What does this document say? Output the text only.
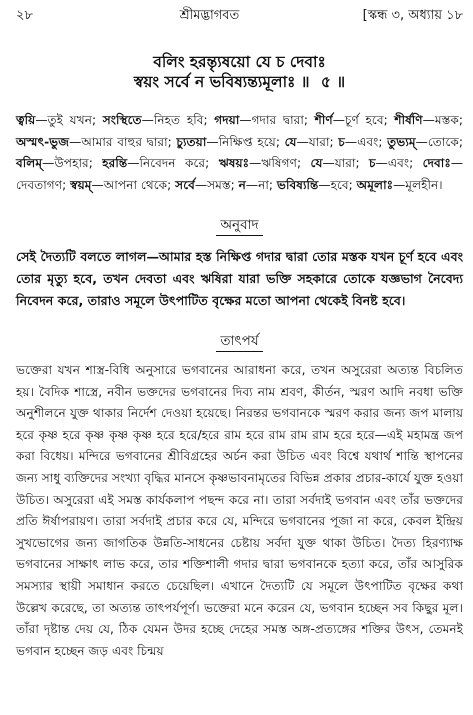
২৮	শ্রীমদ্ভাগবত	[স্কন্ধ ৩, অধ্যায় ১৮
বলিং হরন্ত্যৃষয়ো যে চ দেবাঃ
স্বয়ং সর্বে ন ভবিষ্যন্ত্যমূলাঃ ॥ ৫ ॥
ত্বয়ি—তুই যখন; সংস্থিতে—নিহত হবি; গদয়া—গদার দ্বারা; শীর্ণ—চূর্ণ হবে; শীর্ষণি—মস্তক; অস্মৎ-ভুজ—আমার বাহুর দ্বারা; চ্যুতয়া—নিক্ষিপ্ত হয়ে; যে—যারা; চ—এবং; তুভ্যম্—তোকে; বলিম্—উপহার; হরন্তি—নিবেদন করে; ঋষয়ঃ—ঋষিগণ; যে—যারা; চ—এবং; দেবাঃ—দেবতাগণ; স্বয়ম্—আপনা থেকে; সর্বে—সমস্ত; ন—না; ভবিষ্যন্তি—হবে; অমূলাঃ—মূলহীন।
অনুবাদ
সেই দৈত্যটি বলতে লাগল—আমার হস্ত নিক্ষিপ্ত গদার দ্বারা তোর মস্তক যখন চূর্ণ হবে এবং তোর মৃত্যু হবে, তখন দেবতা এবং ঋষিরা যারা ভক্তি সহকারে তোকে যজ্ঞভাগ নৈবেদ্য নিবেদন করে, তারাও সমূলে উৎপাটিত বৃক্ষের মতো আপনা থেকেই বিনষ্ট হবে।
তাৎপর্য

ভক্তেরা যখন শাস্ত্র-বিধি অনুসারে ভগবানের আরাধনা করে, তখন অসুরেরা অত্যন্ত বিচলিত হয়। বৈদিক শাস্ত্রে, নবীন ভক্তদের ভগবানের দিব্য নাম শ্রবণ, কীর্তন, স্মরণ আদি নবধা ভক্তি অনুশীলনে যুক্ত থাকার নির্দেশ দেওয়া হয়েছে। নিরন্তর ভগবানকে স্মরণ করার জন্য জপ মালায় হরে কৃষ্ণ হরে কৃষ্ণ কৃষ্ণ কৃষ্ণ হরে হরে/হরে রাম হরে রাম রাম রাম হরে হরে—এই মহামন্ত্র জপ করা বিধেয়। মন্দিরে ভগবানের শ্রীবিগ্রহের অর্চন করা উচিত এবং বিশ্বে যথার্থ শান্তি স্থাপনের জন্য সাধু ব্যক্তিদের সংখ্যা বৃদ্ধির মানসে কৃষ্ণভাবনামৃতের বিভিন্ন প্রকার প্রচার-কার্যে যুক্ত হওয়া উচিত। অসুরেরা এই সমস্ত কার্যকলাপ পছন্দ করে না। তারা সর্বদাই ভগবান এবং তাঁর ভক্তদের প্রতি ঈর্ষাপরায়ণ। তারা সর্বদাই প্রচার করে যে, মন্দিরে ভগবানের পূজা না করে, কেবল ইন্দ্রিয় সুখভোগের জন্য জাগতিক উন্নতি-সাধনের চেষ্টায় সর্বদা যুক্ত থাকা উচিত। দৈত্য হিরণ্যাক্ষ ভগবানের সাক্ষাৎ লাভ করে, তার শক্তিশালী গদার দ্বারা ভগবানকে হত্যা করে, তাঁর আসুরিক সমস্যার স্থায়ী সমাধান করতে চেয়েছিল। এখানে দৈত্যটি যে সমূলে উৎপাটিত বৃক্ষের কথা উল্লেখ করেছে, তা অত্যন্ত তাৎপর্যপূর্ণ। ভক্তেরা মনে করেন যে, ভগবান হচ্ছেন সব কিছুর মূল। তাঁরা দৃষ্টান্ত দেয় যে, ঠিক যেমন উদর হচ্ছে দেহের সমস্ত অঙ্গ-প্রত্যঙ্গের শক্তির উৎস, তেমনই ভগবান হচ্ছেন জড় এবং চিন্ময়
